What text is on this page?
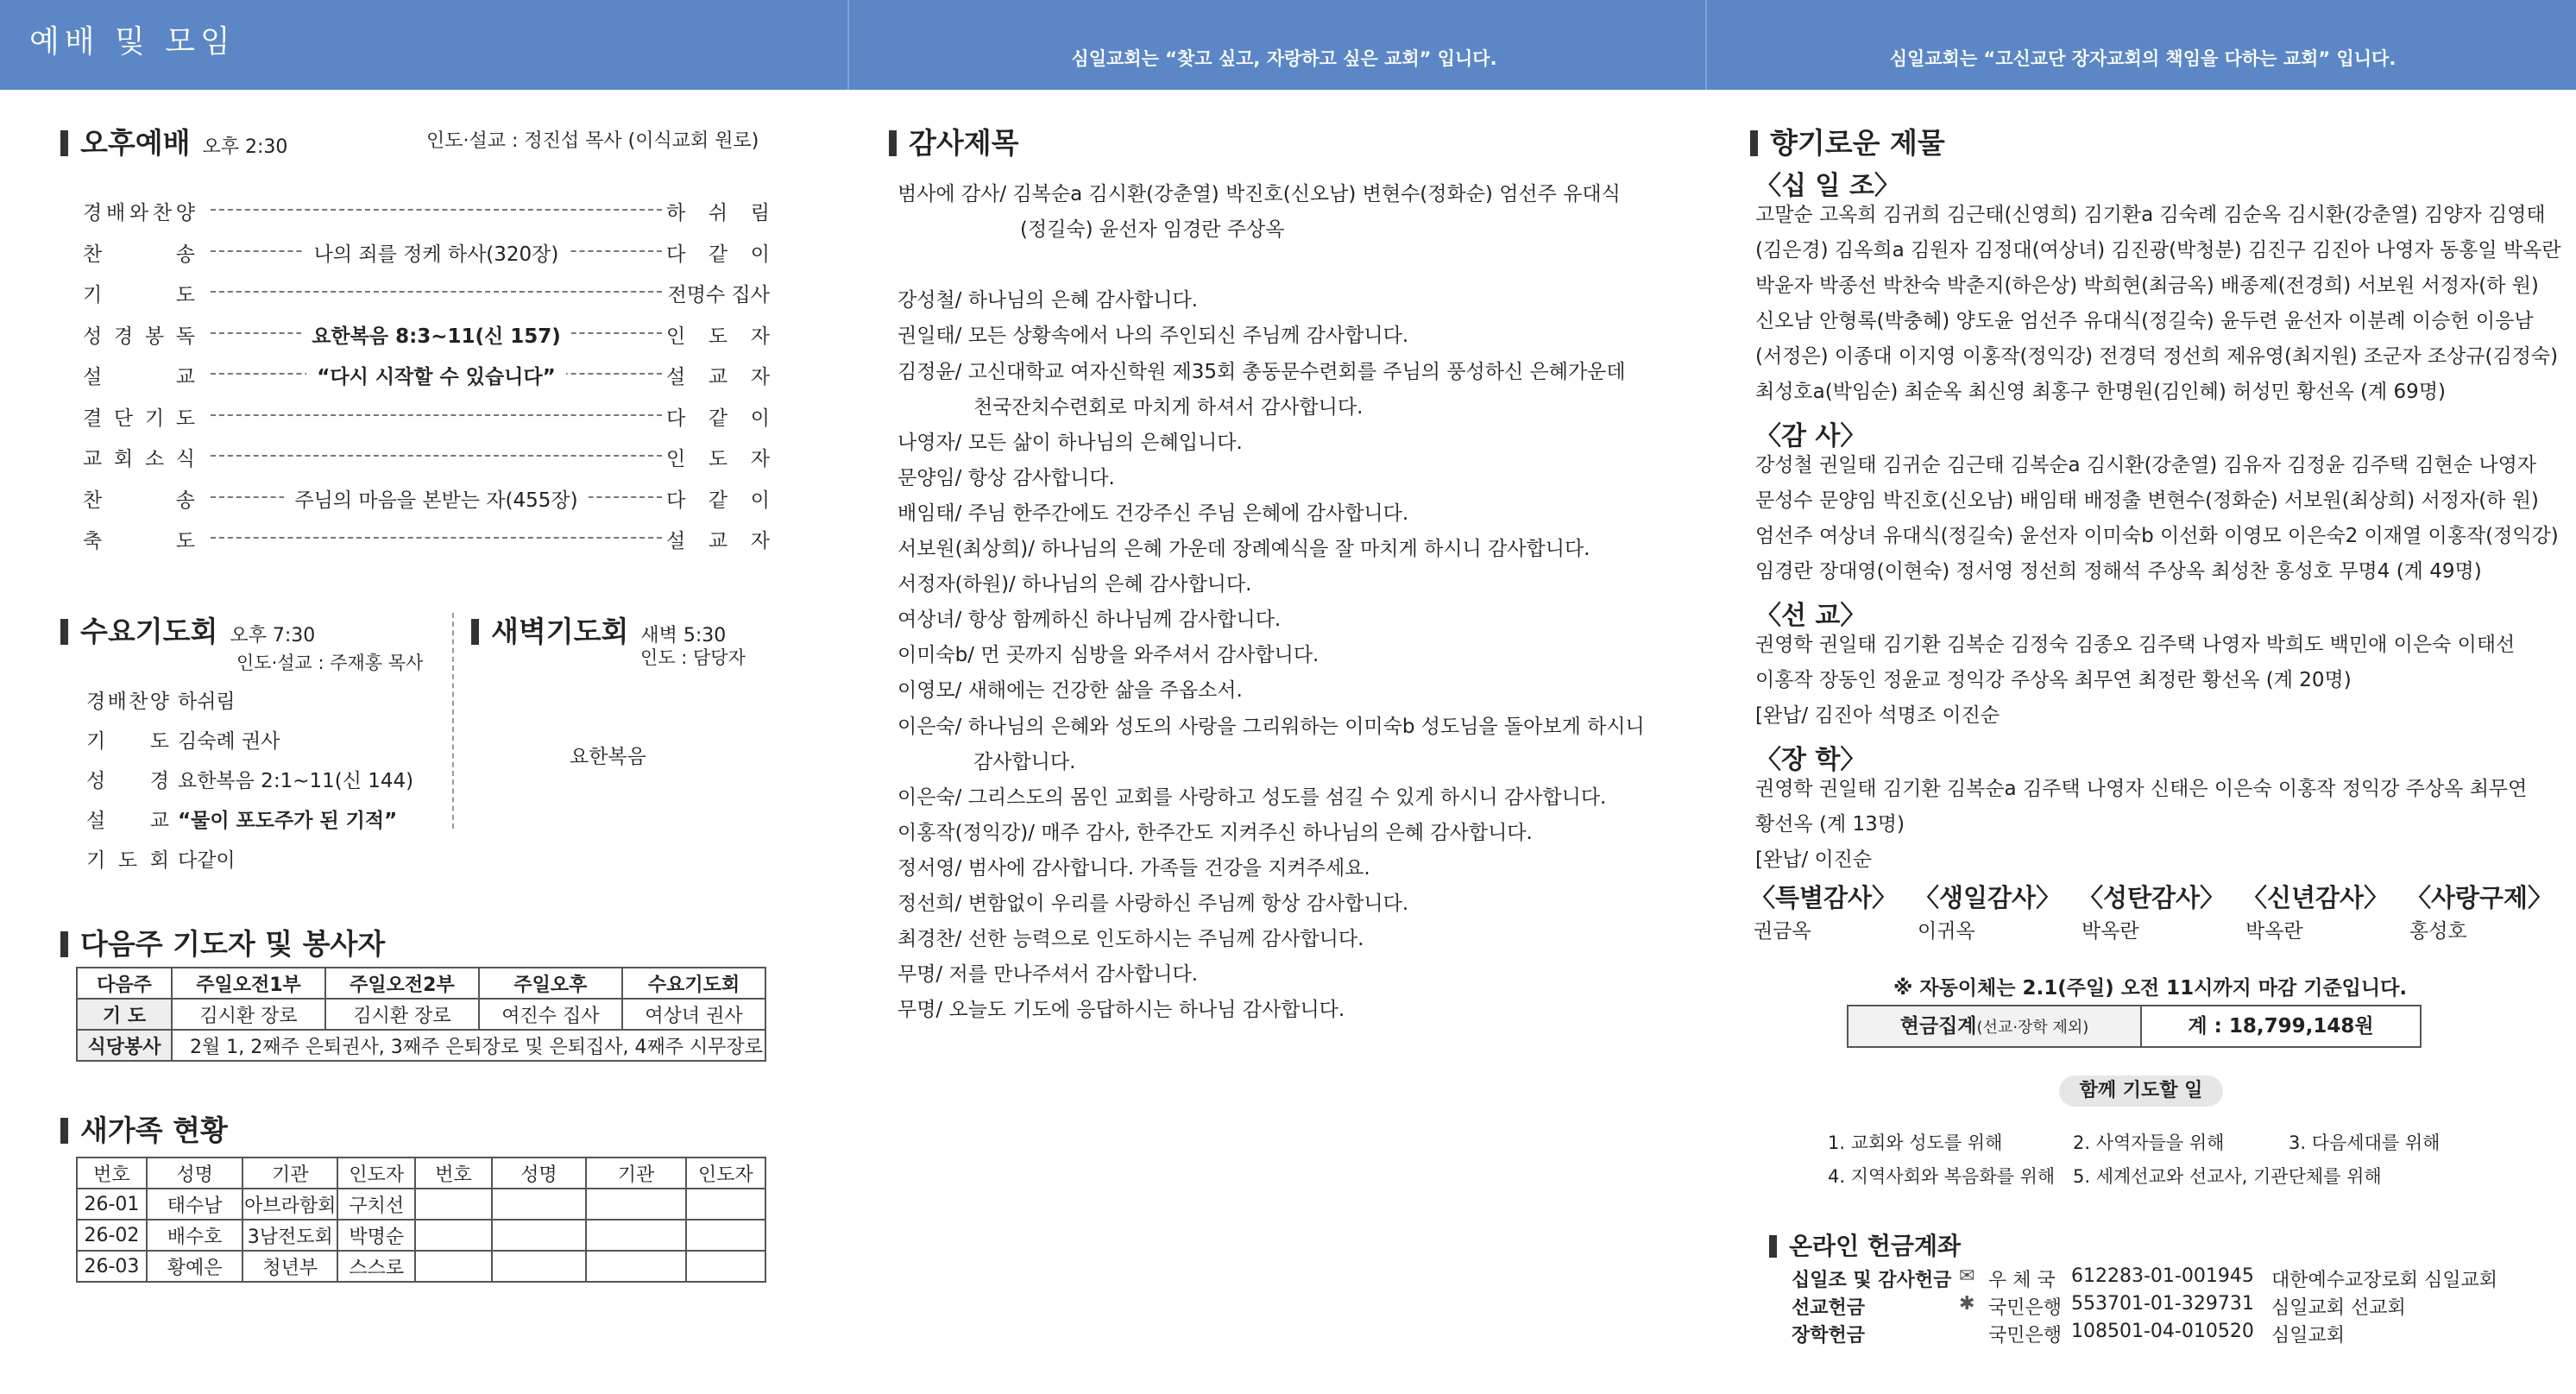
예배 및 모임	심일교회는 “찾고 싶고, 자랑하고 싶은 교회” 입니다.	심일교회는 “고신교단 장자교회의 책임을 다하는 교회” 입니다.
오후예배 오후 2:30	인도·설교 : 정진섭 목사 (이식교회 원로)
경 배 와 찬 양	하 쉬 림
찬	송	나의 죄를 정케 하사(320장)	다 같 이
기	도	전명수 집사
성 경 봉 독	요한복음 8:3~11(신 157)	인 도 자
설	교	“다시 시작할 수 있습니다”	설 교 자
결 단 기 도	다 같 이
교 회 소 식	인 도 자
찬	송	주님의 마음을 본받는 자(455장)	다 같 이
축	도	설 교 자
수요기도회 오후 7:30
인도·설교 : 주재홍 목사
경 배 찬 양 하쉬림
기 도 김숙례 권사
성 경 요한복음 2:1~11(신 144)
설 교 “물이 포도주가 된 기적”
기 도 회 다같이
새벽기도회 새벽 5:30
인도 : 담당자
요한복음
다음주 기도자 및 봉사자
다음주	주일오전1부	주일오전2부	주일오후	수요기도회
기 도	김시환 장로	김시환 장로	여진수 집사	여상녀 권사
식당봉사	2월 1, 2째주 은퇴권사, 3째주 은퇴장로 및 은퇴집사, 4째주 시무장로			
새가족 현황
번호	성명	기관	인도자	번호	성명	기관	인도자
26-01	태수남	아브라함회	구치선				
26-02	배수호	3남전도회	박명순				
26-03	황예은	청년부	스스로				
감사제목
범사에 감사/ 김복순a 김시환(강춘열) 박진호(신오남) 변현수(정화순) 엄선주 유대식
(정길숙) 윤선자 임경란 주상옥
강성철/ 하나님의 은혜 감사합니다.
권일태/ 모든 상황속에서 나의 주인되신 주님께 감사합니다.
김정윤/ 고신대학교 여자신학원 제35회 총동문수련회를 주님의 풍성하신 은혜가운데
천국잔치수련회로 마치게 하셔서 감사합니다.
나영자/ 모든 삶이 하나님의 은혜입니다.
문양임/ 항상 감사합니다.
배임태/ 주님 한주간에도 건강주신 주님 은혜에 감사합니다.
서보원(최상희)/ 하나님의 은혜 가운데 장례예식을 잘 마치게 하시니 감사합니다.
서정자(하원)/ 하나님의 은혜 감사합니다.
여상녀/ 항상 함께하신 하나님께 감사합니다.
이미숙b/ 먼 곳까지 심방을 와주셔서 감사합니다.
이영모/ 새해에는 건강한 삶을 주옵소서.
이은숙/ 하나님의 은혜와 성도의 사랑을 그리워하는 이미숙b 성도님을 돌아보게 하시니
감사합니다.
이은숙/ 그리스도의 몸인 교회를 사랑하고 성도를 섬길 수 있게 하시니 감사합니다.
이홍작(정익강)/ 매주 감사, 한주간도 지켜주신 하나님의 은혜 감사합니다.
정서영/ 범사에 감사합니다. 가족들 건강을 지켜주세요.
정선희/ 변함없이 우리를 사랑하신 주님께 항상 감사합니다.
최경찬/ 선한 능력으로 인도하시는 주님께 감사합니다.
무명/ 저를 만나주셔서 감사합니다.
무명/ 오늘도 기도에 응답하시는 하나님 감사합니다.
향기로운 제물
〈십 일 조〉
고말순 고옥희 김귀희 김근태(신영희) 김기환a 김숙례 김순옥 김시환(강춘열) 김양자 김영태
(김은경) 김옥희a 김원자 김정대(여상녀) 김진광(박청분) 김진구 김진아 나영자 동홍일 박옥란
박윤자 박종선 박찬숙 박춘지(하은상) 박희현(최금옥) 배종제(전경희) 서보원 서정자(하 원)
신오남 안형록(박충혜) 양도윤 엄선주 유대식(정길숙) 윤두련 윤선자 이분례 이승헌 이응남
(서정은) 이종대 이지영 이홍작(정익강) 전경덕 정선희 제유영(최지원) 조군자 조상규(김정숙)
최성호a(박임순) 최순옥 최신영 최홍구 한명원(김인혜) 허성민 황선옥 (계 69명)
〈감 사〉
강성철 권일태 김귀순 김근태 김복순a 김시환(강춘열) 김유자 김정윤 김주택 김현순 나영자
문성수 문양임 박진호(신오남) 배임태 배정출 변현수(정화순) 서보원(최상희) 서정자(하 원)
엄선주 여상녀 유대식(정길숙) 윤선자 이미숙b 이선화 이영모 이은숙2 이재열 이홍작(정익강)
임경란 장대영(이현숙) 정서영 정선희 정해석 주상옥 최성찬 홍성호 무명4 (계 49명)
〈선 교〉
권영학 권일태 김기환 김복순 김정숙 김종오 김주택 나영자 박희도 백민애 이은숙 이태선
이홍작 장동인 정윤교 정익강 주상옥 최무연 최정란 황선옥 (계 20명)
[완납/ 김진아 석명조 이진순
〈장 학〉
권영학 권일태 김기환 김복순a 김주택 나영자 신태은 이은숙 이홍작 정익강 주상옥 최무연
황선옥 (계 13명)
[완납/ 이진순
〈특별감사〉
권금옥
〈생일감사〉
이귀옥
〈성탄감사〉
박옥란
〈신년감사〉
박옥란
〈사랑구제〉
홍성호
※ 자동이체는 2.1(주일) 오전 11시까지 마감 기준입니다.
현금집계(선교·장학 제외)	계 : 18,799,148원
함께 기도할 일
1. 교회와 성도를 위해	2. 사역자들을 위해	3. 다음세대를 위해
4. 지역사회와 복음화를 위해 5. 세계선교와 선교사, 기관단체를 위해
온라인 헌금계좌
십일조 및 감사헌금 ✉ 우 체 국 612283-01-001945 대한예수교장로회 심일교회
선교헌금	✱ 국민은행 553701-01-329731 심일교회 선교회
장학헌금	국민은행 108501-04-010520 심일교회
